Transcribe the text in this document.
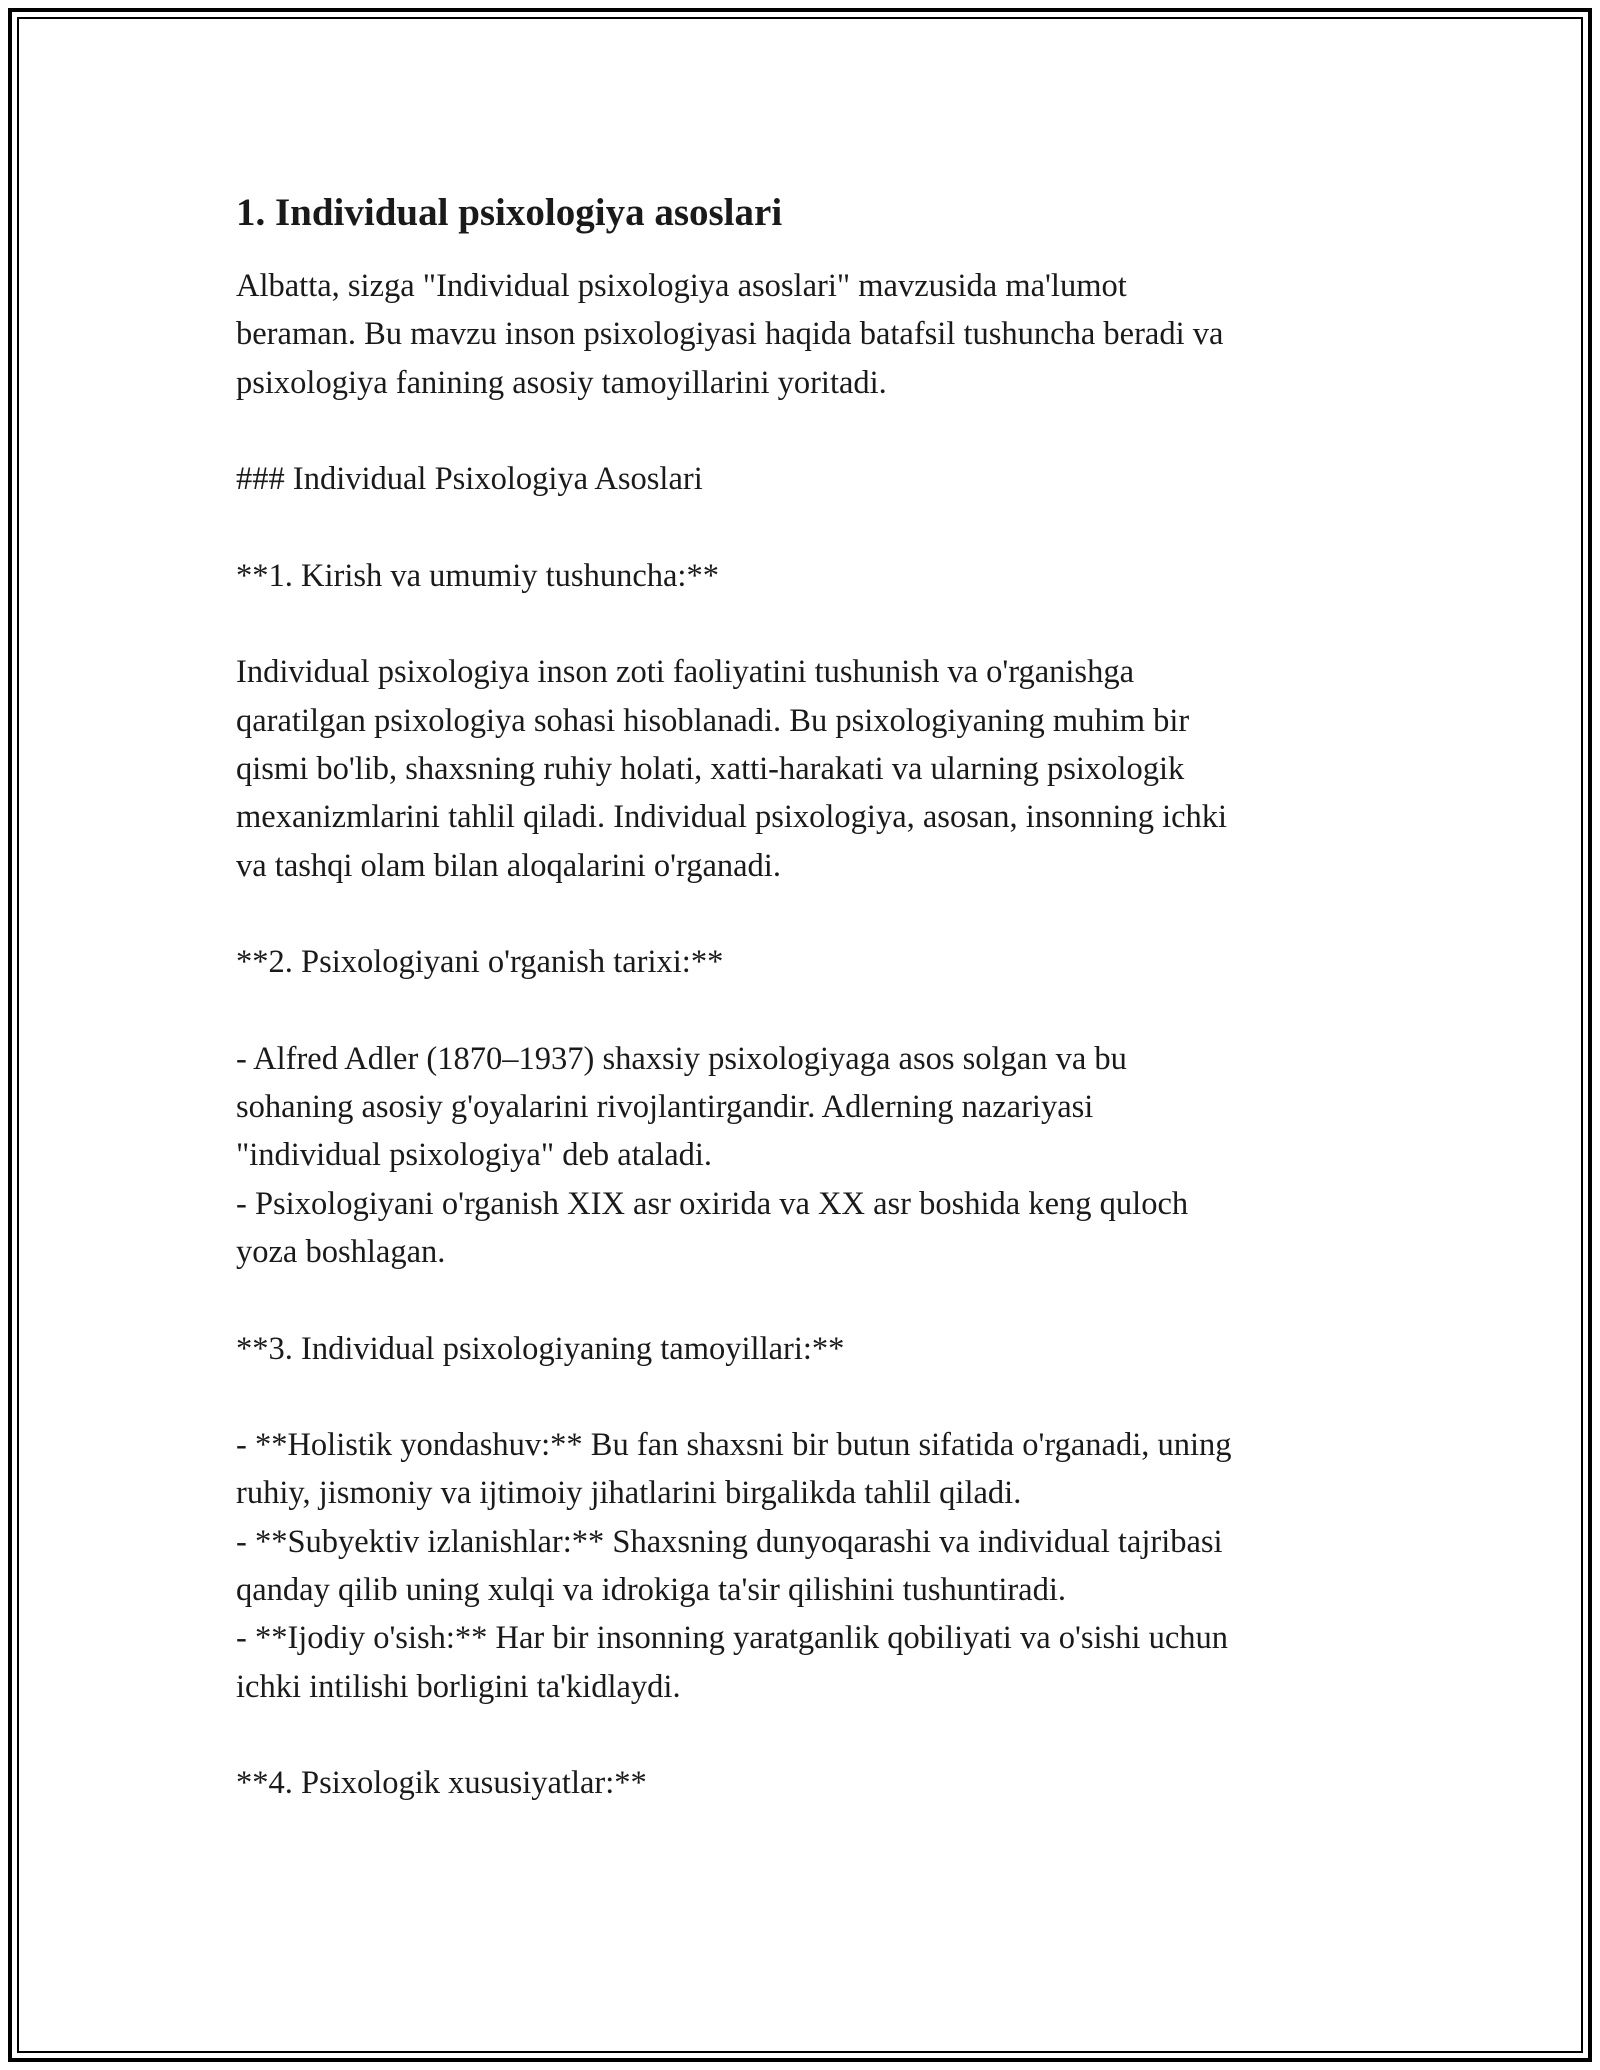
1. Individual psixologiya asoslari

Albatta, sizga "Individual psixologiya asoslari" mavzusida ma'lumot
beraman. Bu mavzu inson psixologiyasi haqida batafsil tushuncha beradi va
psixologiya fanining asosiy tamoyillarini yoritadi.

### Individual Psixologiya Asoslari

**1. Kirish va umumiy tushuncha:**

Individual psixologiya inson zoti faoliyatini tushunish va o'rganishga
qaratilgan psixologiya sohasi hisoblanadi. Bu psixologiyaning muhim bir
qismi bo'lib, shaxsning ruhiy holati, xatti-harakati va ularning psixologik
mexanizmlarini tahlil qiladi. Individual psixologiya, asosan, insonning ichki
va tashqi olam bilan aloqalarini o'rganadi.

**2. Psixologiyani o'rganish tarixi:**

- Alfred Adler (1870–1937) shaxsiy psixologiyaga asos solgan va bu
sohaning asosiy g'oyalarini rivojlantirgandir. Adlerning nazariyasi
"individual psixologiya" deb ataladi.

- Psixologiyani o'rganish XIX asr oxirida va XX asr boshida keng quloch
yoza boshlagan.

**3. Individual psixologiyaning tamoyillari:**

- **Holistik yondashuv:** Bu fan shaxsni bir butun sifatida o'rganadi, uning
ruhiy, jismoniy va ijtimoiy jihatlarini birgalikda tahlil qiladi.

- **Subyektiv izlanishlar:** Shaxsning dunyoqarashi va individual tajribasi
qanday qilib uning xulqi va idrokiga ta'sir qilishini tushuntiradi.

- **Ijodiy o'sish:** Har bir insonning yaratganlik qobiliyati va o'sishi uchun
ichki intilishi borligini ta'kidlaydi.

**4. Psixologik xususiyatlar:**
